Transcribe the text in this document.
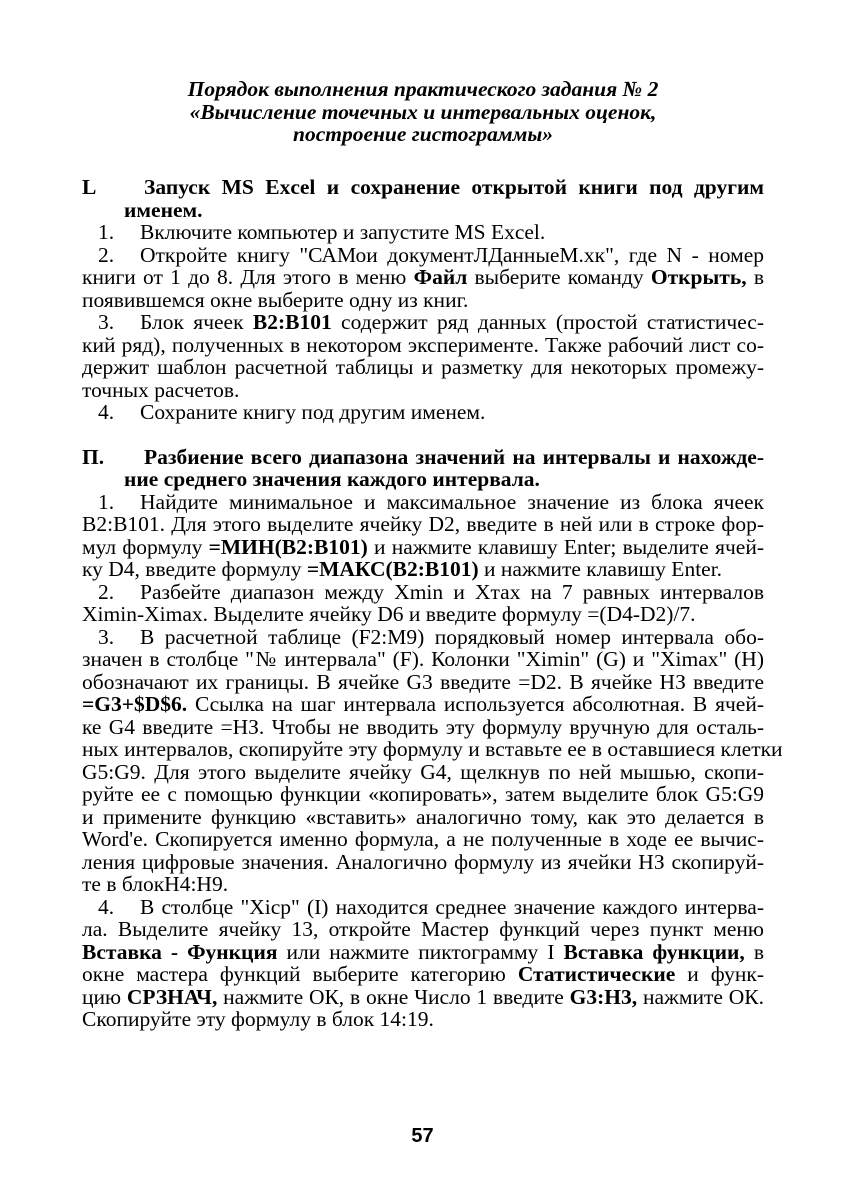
Порядок выполнения практического задания № 2
«Вычисление точечных и интервальных оценок,
построение гистограммы»
L Запуск MS Excel и сохранение открытой книги под другим
именем.
1. Включите компьютер и запустите MS Excel.
2. Откройте книгу "САМои документЛДанныеМ.хк", где N - номер
книги от 1 до 8. Для этого в меню Файл выберите команду Открыть, в
появившемся окне выберите одну из книг.
3. Блок ячеек B2:B101 содержит ряд данных (простой статистичес-
кий ряд), полученных в некотором эксперименте. Также рабочий лист со-
держит шаблон расчетной таблицы и разметку для некоторых промежу-
точных расчетов.
4. Сохраните книгу под другим именем.
П. Разбиение всего диапазона значений на интервалы и нахожде-
ние среднего значения каждого интервала.
1. Найдите минимальное и максимальное значение из блока ячеек
B2:B101. Для этого выделите ячейку D2, введите в ней или в строке фор-
мул формулу =МИН(B2:B101) и нажмите клавишу Enter; выделите ячей-
ку D4, введите формулу =МАКС(B2:B101) и нажмите клавишу Enter.
2. Разбейте диапазон между Xmin и Xтах на 7 равных интервалов
Ximin-Ximax. Выделите ячейку D6 и введите формулу =(D4-D2)/7.
3. В расчетной таблице (F2:M9) порядковый номер интервала обо-
значен в столбце "№ интервала" (F). Колонки "Ximin" (G) и "Ximax" (H)
обозначают их границы. В ячейке G3 введите =D2. В ячейке НЗ введите
=G3+$D$6. Ссылка на шаг интервала используется абсолютная. В ячей-
ке G4 введите =НЗ. Чтобы не вводить эту формулу вручную для осталь-
ных интервалов, скопируйте эту формулу и вставьте ее в оставшиеся клетки
G5:G9. Для этого выделите ячейку G4, щелкнув по ней мышью, скопи-
руйте ее с помощью функции «копировать», затем выделите блок G5:G9
и примените функцию «вставить» аналогично тому, как это делается в
Word'e. Скопируется именно формула, а не полученные в ходе ее вычис-
ления цифровые значения. Аналогично формулу из ячейки НЗ скопируй-
те в блокН4:Н9.
4. В столбце "Xicp" (I) находится среднее значение каждого интерва-
ла. Выделите ячейку 13, откройте Мастер функций через пункт меню
Вставка - Функция или нажмите пиктограмму I Вставка функции, в
окне мастера функций выберите категорию Статистические и функ-
цию СРЗНАЧ, нажмите ОК, в окне Число 1 введите G3:H3, нажмите ОК.
Скопируйте эту формулу в блок 14:19.
57
